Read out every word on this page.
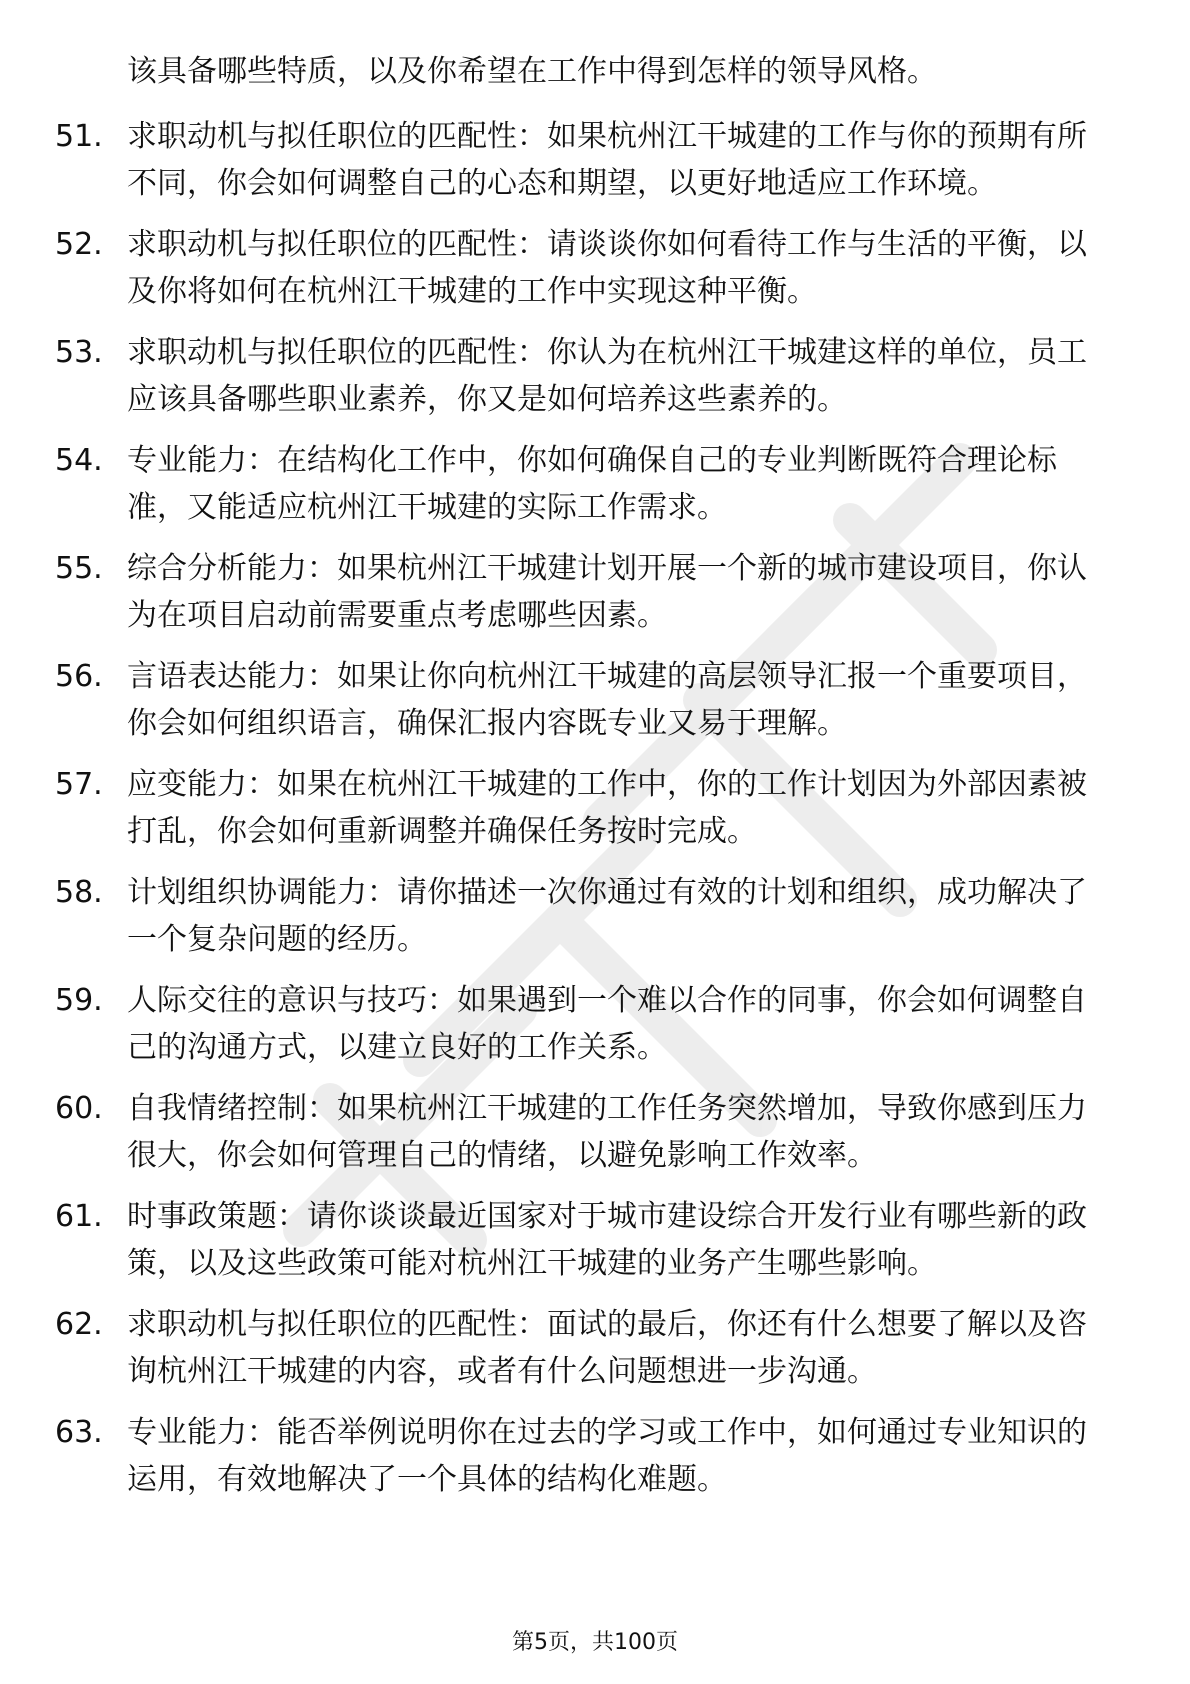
该具备哪些特质，以及你希望在工作中得到怎样的领导风格。
51. 求职动机与拟任职位的匹配性：如果杭州江干城建的工作与你的预期有所不同，你会如何调整自己的心态和期望，以更好地适应工作环境。
52. 求职动机与拟任职位的匹配性：请谈谈你如何看待工作与生活的平衡，以及你将如何在杭州江干城建的工作中实现这种平衡。
53. 求职动机与拟任职位的匹配性：你认为在杭州江干城建这样的单位，员工应该具备哪些职业素养，你又是如何培养这些素养的。
54. 专业能力：在结构化工作中，你如何确保自己的专业判断既符合理论标准，又能适应杭州江干城建的实际工作需求。
55. 综合分析能力：如果杭州江干城建计划开展一个新的城市建设项目，你认为在项目启动前需要重点考虑哪些因素。
56. 言语表达能力：如果让你向杭州江干城建的高层领导汇报一个重要项目，你会如何组织语言，确保汇报内容既专业又易于理解。
57. 应变能力：如果在杭州江干城建的工作中，你的工作计划因为外部因素被打乱，你会如何重新调整并确保任务按时完成。
58. 计划组织协调能力：请你描述一次你通过有效的计划和组织，成功解决了一个复杂问题的经历。
59. 人际交往的意识与技巧：如果遇到一个难以合作的同事，你会如何调整自己的沟通方式，以建立良好的工作关系。
60. 自我情绪控制：如果杭州江干城建的工作任务突然增加，导致你感到压力很大，你会如何管理自己的情绪，以避免影响工作效率。
61. 时事政策题：请你谈谈最近国家对于城市建设综合开发行业有哪些新的政策，以及这些政策可能对杭州江干城建的业务产生哪些影响。
62. 求职动机与拟任职位的匹配性：面试的最后，你还有什么想要了解以及咨询杭州江干城建的内容，或者有什么问题想进一步沟通。
63. 专业能力：能否举例说明你在过去的学习或工作中，如何通过专业知识的运用，有效地解决了一个具体的结构化难题。
第5页，共100页
